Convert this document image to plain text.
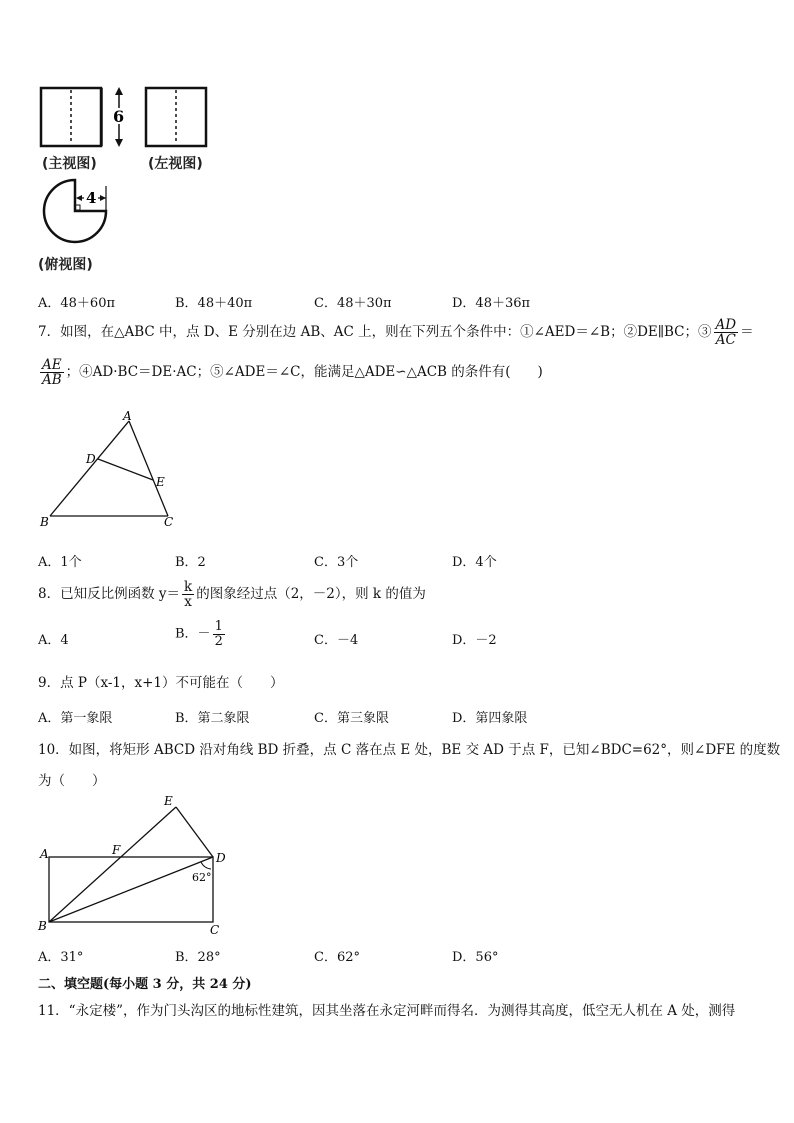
6
4
(主视图)	(左视图)
(俯视图)
A．48＋60π	B．48＋40π	C．48＋30π	D．48＋36π
7．如图，在△ABC 中，点 D、E 分别在边 AB、AC 上，则在下列五个条件中：①∠AED＝∠B；②DE∥BC；③ $\frac{AD}{AC}$ ＝
$\frac{AE}{AB}$ ；④AD·BC＝DE·AC；⑤∠ADE＝∠C，能满足△ADE∽△ACB 的条件有(　　)
A
D
E
B	C
A．1个	B．2	C．3个	D．4个
8．已知反比例函数 $y= \frac{k}{x}$ 的图象经过点（2，－2），则 k 的值为
A．4	B．－ $\frac{1}{2}$	C．－4	D．－2
9．点 P（x-1，x+1）不可能在（　　）
A．第一象限	B．第二象限	C．第三象限	D．第四象限
10．如图，将矩形 ABCD 沿对角线 BD 折叠，点 C 落在点 E 处，BE 交 AD 于点 F，已知∠BDC=62°，则∠DFE 的度数
为（　　）
E
A	F
D
62°
B	C
A．31°	B．28°	C．62°	D．56°
二、填空题(每小题 3 分，共 24 分)
11．“永定楼”，作为门头沟区的地标性建筑，因其坐落在永定河畔而得名．为测得其高度，低空无人机在 A 处，测得
